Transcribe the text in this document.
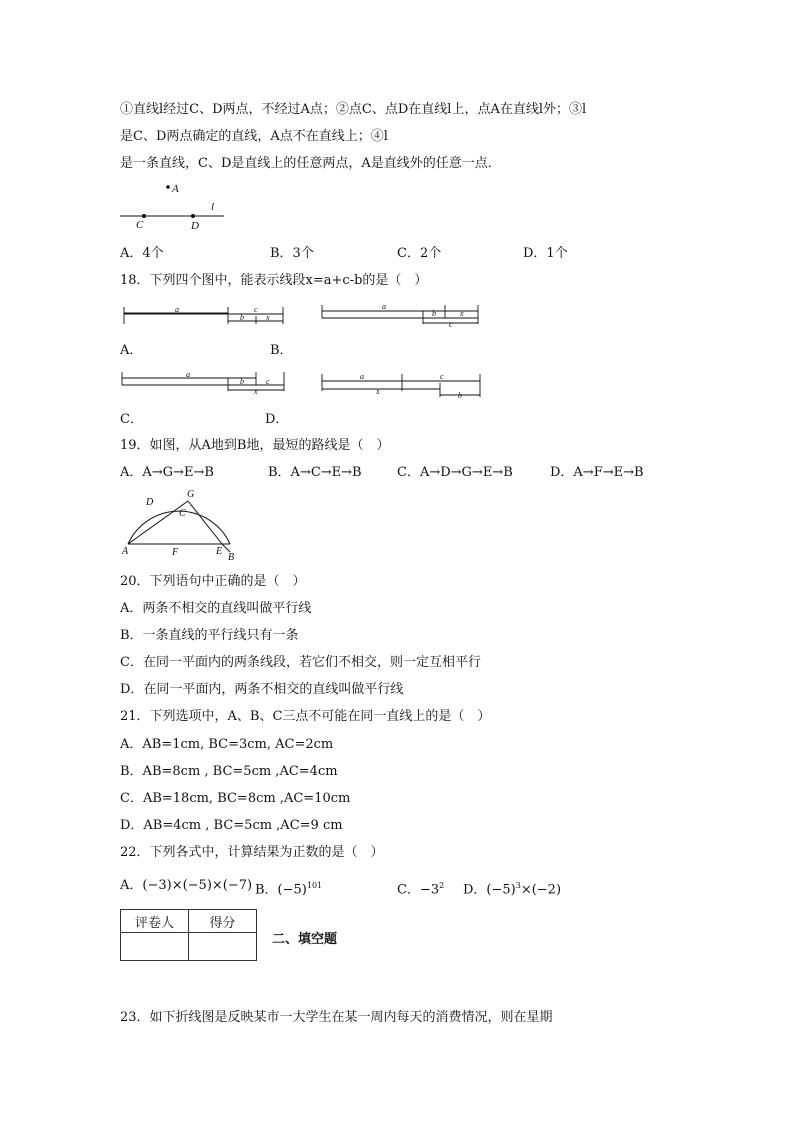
①直线l经过C、D两点，不经过A点；②点C、点D在直线l上，点A在直线l外；③l
是C、D两点确定的直线，A点不在直线上；④l
是一条直线，C、D是直线上的任意两点，A是直线外的任意一点．
A
C	D
l
A．4个	B．3个	C．2个	D．1个
18．下列四个图中，能表示线段x=a+c-b的是（　）
a	c
b	x
a
b	x
c
A．	B．
a
b	c
x
a	c
x	b
C．	D．
19．如图，从A地到B地，最短的路线是（　）
A．A→G→E→B	B．A→C→E→B	C．A→D→G→E→B	D．A→F→E→B
A
B
C
D
E
F
G
20．下列语句中正确的是（　）
A．两条不相交的直线叫做平行线
B．一条直线的平行线只有一条
C．在同一平面内的两条线段，若它们不相交，则一定互相平行
D．在同一平面内，两条不相交的直线叫做平行线
21．下列选项中，A、B、C三点不可能在同一直线上的是（　）
A．AB=1cm, BC=3cm, AC=2cm
B．AB=8cm , BC=5cm ,AC=4cm
C．AB=18cm, BC=8cm ,AC=10cm
D．AB=4cm , BC=5cm ,AC=9 cm
22．下列各式中，计算结果为正数的是（　）
A．(−3)×(−5)×(−7) B．$(-5)^{101}$	C．$-3^2$ D．$(-5)^3\times(-2)$
评卷人	得分

二、填空题
23．如下折线图是反映某市一大学生在某一周内每天的消费情况，则在星期
